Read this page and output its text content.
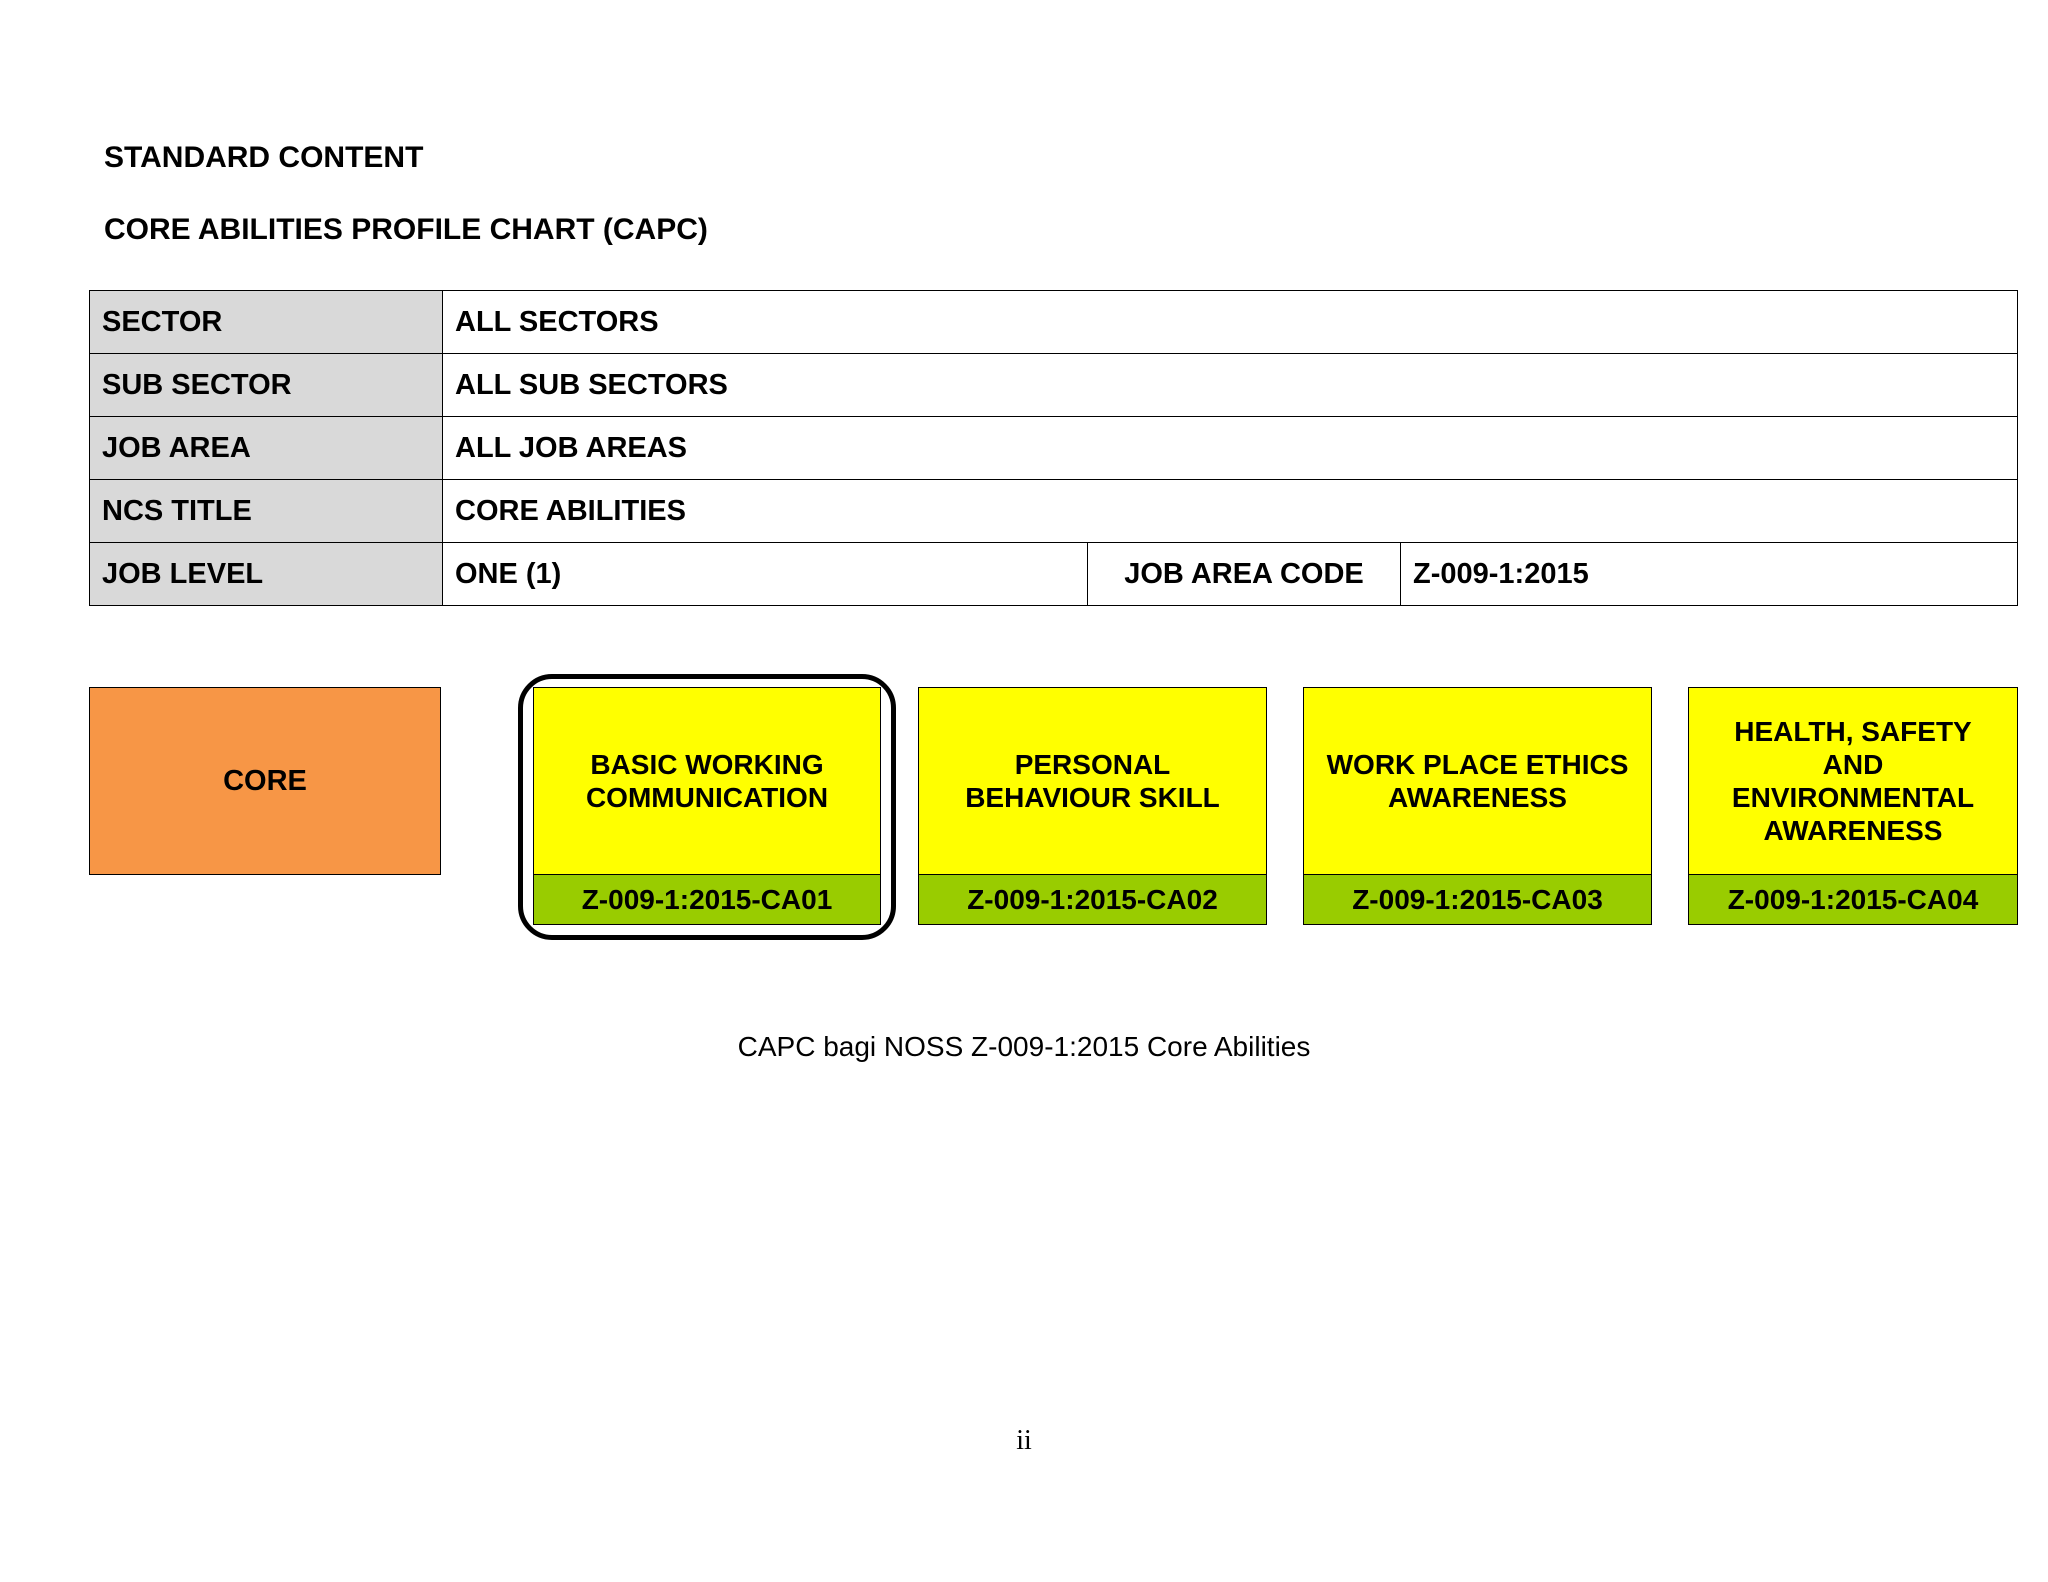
STANDARD CONTENT
CORE ABILITIES PROFILE CHART (CAPC)
SECTOR	ALL SECTORS		
SUB SECTOR	ALL SUB SECTORS		
JOB AREA	ALL JOB AREAS		
NCS TITLE	CORE ABILITIES		
JOB LEVEL	ONE (1)	JOB AREA CODE	Z-009-1:2015
CORE	BASIC WORKING
COMMUNICATION
Z-009-1:2015-CA01
PERSONAL
BEHAVIOUR SKILL
Z-009-1:2015-CA02
WORK PLACE ETHICS
AWARENESS
Z-009-1:2015-CA03
HEALTH, SAFETY
AND
ENVIRONMENTAL
AWARENESS
Z-009-1:2015-CA04
CAPC bagi NOSS Z-009-1:2015 Core Abilities
ii
